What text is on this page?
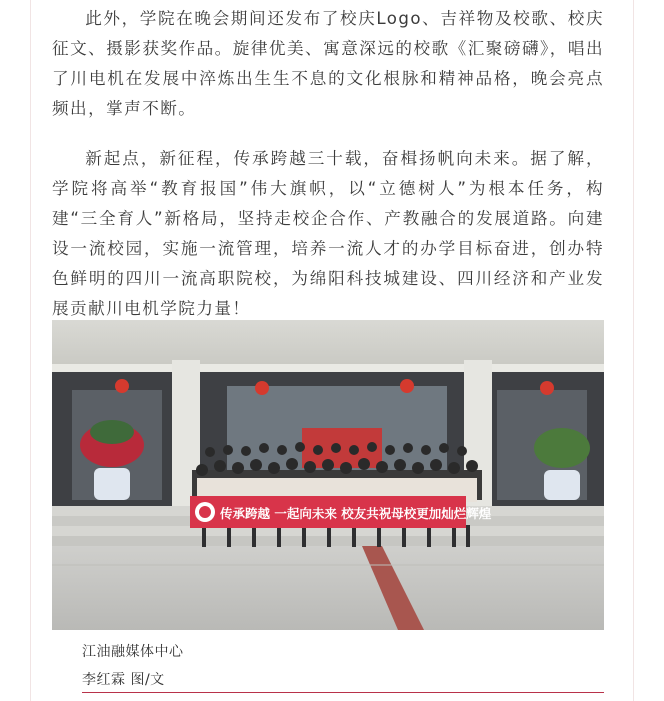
此外，学院在晚会期间还发布了校庆Logo、吉祥物及校歌、校庆征文、摄影获奖作品。旋律优美、寓意深远的校歌《汇聚磅礴》，唱出了川电机在发展中淬炼出生生不息的文化根脉和精神品格，晚会亮点频出，掌声不断。

新起点，新征程，传承跨越三十载，奋楫扬帆向未来。据了解，学院将高举“教育报国”伟大旗帜，以“立德树人”为根本任务，构建“三全育人”新格局，坚持走校企合作、产教融合的发展道路。向建设一流校园，实施一流管理，培养一流人才的办学目标奋进，创办特色鲜明的四川一流高职院校，为绵阳科技城建设、四川经济和产业发展贡献川电机学院力量！

传承跨越 一起向未来 校友共祝母校更加灿烂辉煌
江油融媒体中心
李红霖 图/文
